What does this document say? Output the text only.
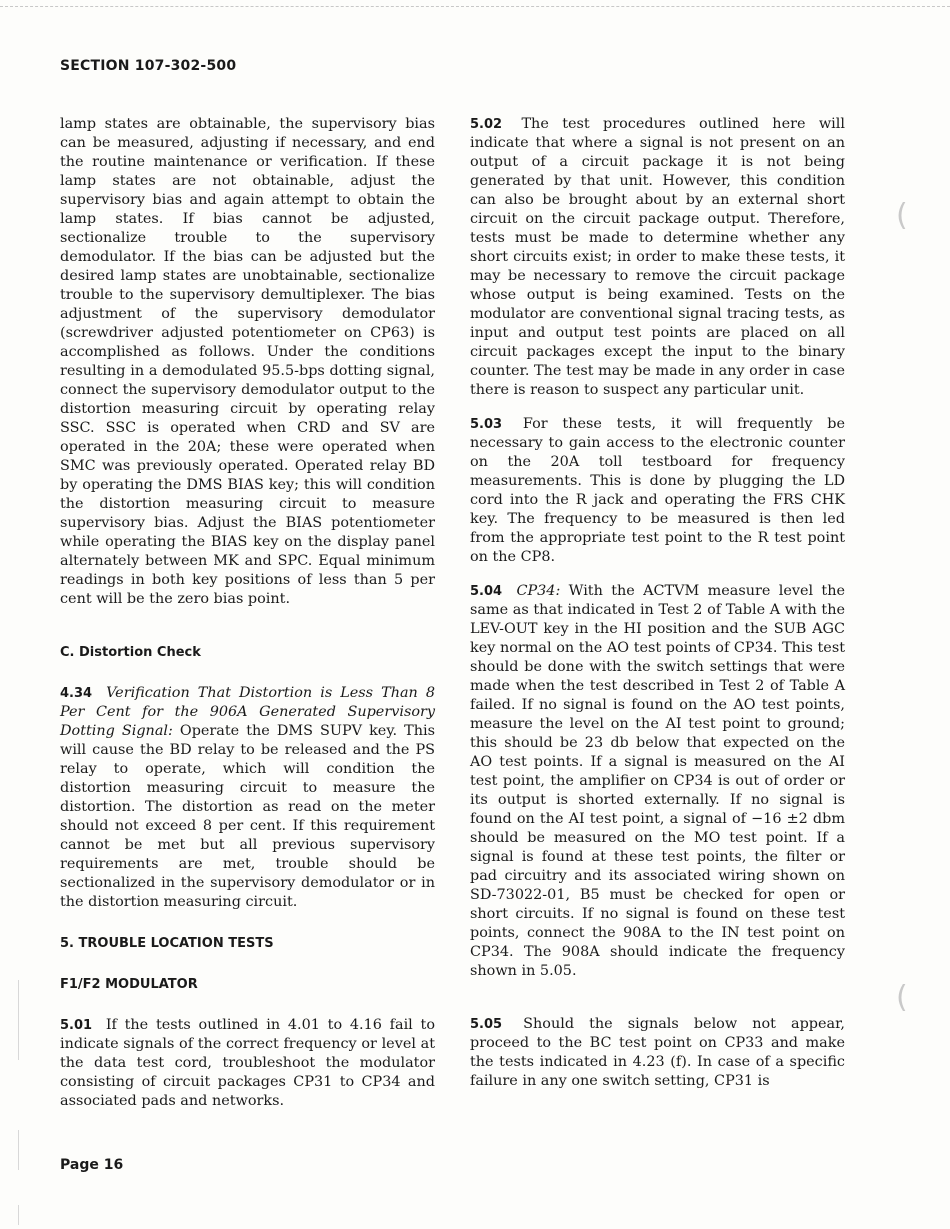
(
(
SECTION 107-302-500

lamp states are obtainable, the supervisory bias can be measured, adjusting if necessary, and end the routine maintenance or verification. If these lamp states are not obtainable, adjust the supervisory bias and again attempt to obtain the lamp states. If bias cannot be adjusted, sectionalize trouble to the supervisory demodulator. If the bias can be adjusted but the desired lamp states are unobtainable, sectionalize trouble to the supervisory demultiplexer. The bias adjustment of the supervisory demodulator (screwdriver adjusted potentiometer on CP63) is accomplished as follows. Under the conditions resulting in a demodulated 95.5-bps dotting signal, connect the supervisory demodulator output to the distortion measuring circuit by operating relay SSC. SSC is operated when CRD and SV are operated in the 20A; these were operated when SMC was previously operated. Operated relay BD by operating the DMS BIAS key; this will condition the distortion measuring circuit to measure supervisory bias. Adjust the BIAS potentiometer while operating the BIAS key on the display panel alternately between MK and SPC. Equal minimum readings in both key positions of less than 5 per cent will be the zero bias point.

C. Distortion Check

4.34 Verification That Distortion is Less Than 8 Per Cent for the 906A Generated Supervisory Dotting Signal: Operate the DMS SUPV key. This will cause the BD relay to be released and the PS relay to operate, which will condition the distortion measuring circuit to measure the distortion. The distortion as read on the meter should not exceed 8 per cent. If this requirement cannot be met but all previous supervisory requirements are met, trouble should be sectionalized in the supervisory demodulator or in the distortion measuring circuit.

5. TROUBLE LOCATION TESTS

F1/F2 MODULATOR

5.01 If the tests outlined in 4.01 to 4.16 fail to indicate signals of the correct frequency or level at the data test cord, troubleshoot the modulator consisting of circuit packages CP31 to CP34 and associated pads and networks.

5.02 The test procedures outlined here will indicate that where a signal is not present on an output of a circuit package it is not being generated by that unit. However, this condition can also be brought about by an external short circuit on the circuit package output. Therefore, tests must be made to determine whether any short circuits exist; in order to make these tests, it may be necessary to remove the circuit package whose output is being examined. Tests on the modulator are conventional signal tracing tests, as input and output test points are placed on all circuit packages except the input to the binary counter. The test may be made in any order in case there is reason to suspect any particular unit.

5.03 For these tests, it will frequently be necessary to gain access to the electronic counter on the 20A toll testboard for frequency measurements. This is done by plugging the LD cord into the R jack and operating the FRS CHK key. The frequency to be measured is then led from the appropriate test point to the R test point on the CP8.

5.04 CP34: With the ACTVM measure level the same as that indicated in Test 2 of Table A with the LEV-OUT key in the HI position and the SUB AGC key normal on the AO test points of CP34. This test should be done with the switch settings that were made when the test described in Test 2 of Table A failed. If no signal is found on the AO test points, measure the level on the AI test point to ground; this should be 23 db below that expected on the AO test points. If a signal is measured on the AI test point, the amplifier on CP34 is out of order or its output is shorted externally. If no signal is found on the AI test point, a signal of −16 ±2 dbm should be measured on the MO test point. If a signal is found at these test points, the filter or pad circuitry and its associated wiring shown on SD-73022-01, B5 must be checked for open or short circuits. If no signal is found on these test points, connect the 908A to the IN test point on CP34. The 908A should indicate the frequency shown in 5.05.

5.05 Should the signals below not appear, proceed to the BC test point on CP33 and make the tests indicated in 4.23 (f). In case of a specific failure in any one switch setting, CP31 is

Page 16
